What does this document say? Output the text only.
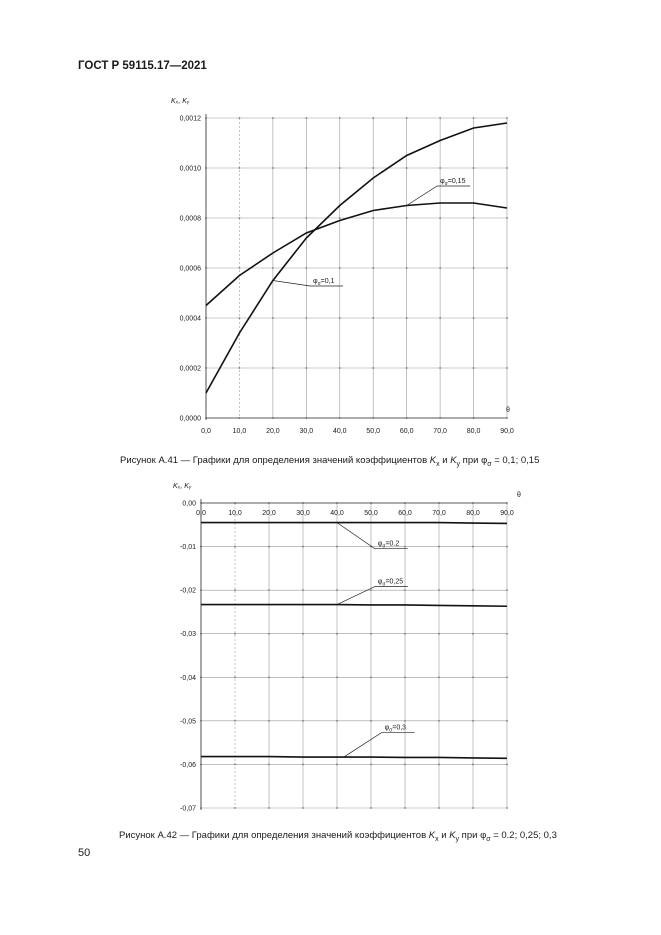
ГОСТ Р 59115.17—2021
0,0000
0,0002
0,0004
0,0006
0,0008
0,0010
0,0012
0,0	10,0	20,0	30,0	40,0	50,0	60,0	70,0	80,0	90,0
Kₓ, Kᵧ
θ
$\varphi_\sigma=0,15$
$\varphi_\sigma=0,1$
Рисунок А.41 — Графики для определения значений коэффициентов $K_x$ и $K_y$ при $\varphi_\sigma = 0,1$; 0,15
0,00
-0,01
-0,02
-0,03
-0,04
-0,05
-0,06
-0,07
0,0	10,0	20,0	30,0	40,0	50,0	60,0	70,0	80,0	90,0
Kₓ, Kᵧ
θ
$\varphi_\sigma=0.2$
$\varphi_\sigma=0,25$
$\varphi_\sigma=0,3$
Рисунок А.42 — Графики для определения значений коэффициентов $K_x$ и $K_y$ при $\varphi_\sigma = 0.2$; 0,25; 0,3
50
